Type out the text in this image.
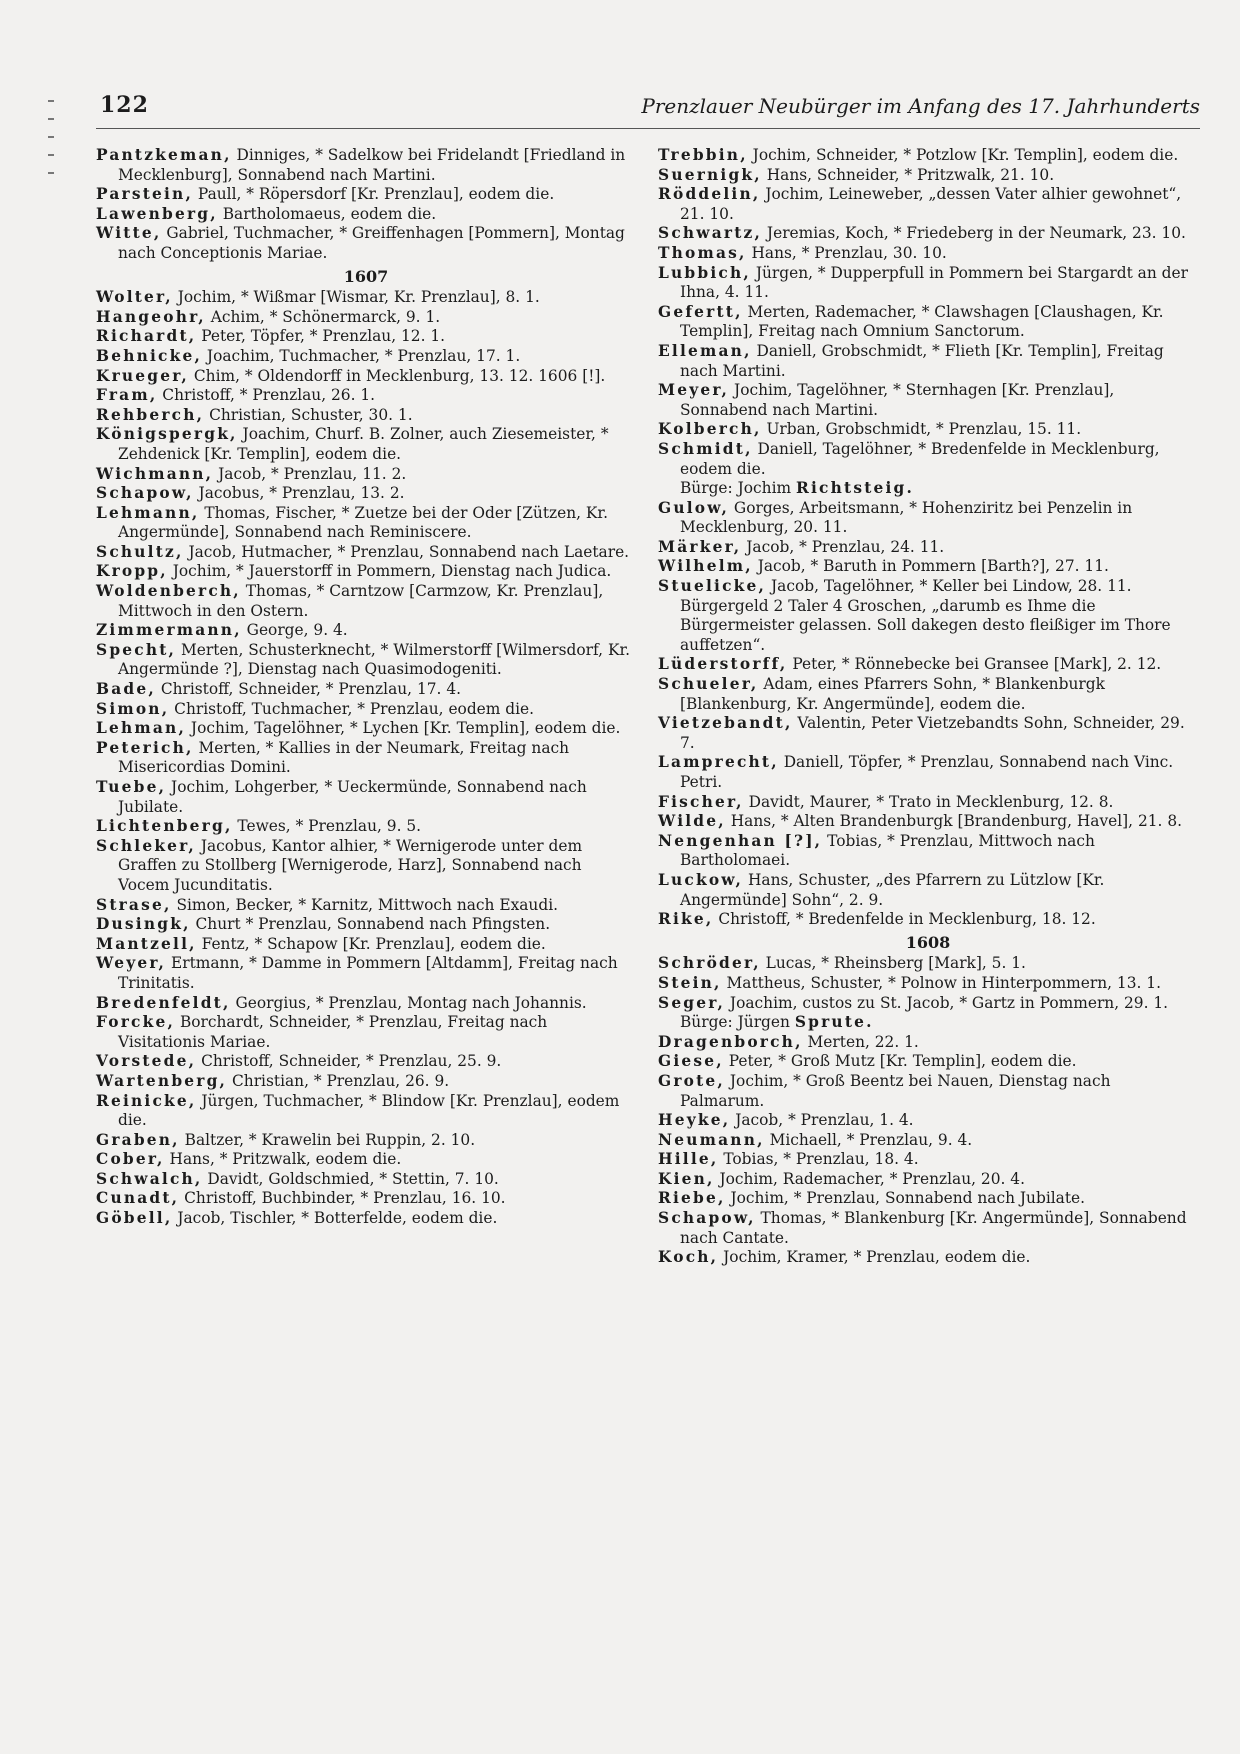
122	Prenzlauer Neubürger im Anfang des 17. Jahrhunderts

Pantzkeman, Dinniges, * Sadelkow bei Fridelandt [Friedland in Mecklenburg], Sonnabend nach Martini.

Parstein, Paull, * Röpersdorf [Kr. Prenzlau], eodem die.

Lawenberg, Bartholomaeus, eodem die.

Witte, Gabriel, Tuchmacher, * Greiffenhagen [Pommern], Montag nach Conceptionis Mariae.

1607

Wolter, Jochim, * Wißmar [Wismar, Kr. Prenzlau], 8. 1.

Hangeohr, Achim, * Schönermarck, 9. 1.

Richardt, Peter, Töpfer, * Prenzlau, 12. 1.

Behnicke, Joachim, Tuchmacher, * Prenzlau, 17. 1.

Krueger, Chim, * Oldendorff in Mecklenburg, 13. 12. 1606 [!].

Fram, Christoff, * Prenzlau, 26. 1.

Rehberch, Christian, Schuster, 30. 1.

Königspergk, Joachim, Churf. B. Zolner, auch Ziesemeister, * Zehdenick [Kr. Templin], eodem die.

Wichmann, Jacob, * Prenzlau, 11. 2.

Schapow, Jacobus, * Prenzlau, 13. 2.

Lehmann, Thomas, Fischer, * Zuetze bei der Oder [Zützen, Kr. Angermünde], Sonnabend nach Reminiscere.

Schultz, Jacob, Hutmacher, * Prenzlau, Sonnabend nach Laetare.

Kropp, Jochim, * Jauerstorff in Pommern, Dienstag nach Judica.

Woldenberch, Thomas, * Carntzow [Carmzow, Kr. Prenzlau], Mittwoch in den Ostern.

Zimmermann, George, 9. 4.

Specht, Merten, Schusterknecht, * Wilmerstorff [Wilmersdorf, Kr. Angermünde ?], Dienstag nach Quasimodogeniti.

Bade, Christoff, Schneider, * Prenzlau, 17. 4.

Simon, Christoff, Tuchmacher, * Prenzlau, eodem die.

Lehman, Jochim, Tagelöhner, * Lychen [Kr. Templin], eodem die.

Peterich, Merten, * Kallies in der Neumark, Freitag nach Misericordias Domini.

Tuebe, Jochim, Lohgerber, * Ueckermünde, Sonnabend nach Jubilate.

Lichtenberg, Tewes, * Prenzlau, 9. 5.

Schleker, Jacobus, Kantor alhier, * Wernigerode unter dem Graffen zu Stollberg [Wernigerode, Harz], Sonnabend nach Vocem Jucunditatis.

Strase, Simon, Becker, * Karnitz, Mittwoch nach Exaudi.

Dusingk, Churt * Prenzlau, Sonnabend nach Pfingsten.

Mantzell, Fentz, * Schapow [Kr. Prenzlau], eodem die.

Weyer, Ertmann, * Damme in Pommern [Altdamm], Freitag nach Trinitatis.

Bredenfeldt, Georgius, * Prenzlau, Montag nach Johannis.

Forcke, Borchardt, Schneider, * Prenzlau, Freitag nach Visitationis Mariae.

Vorstede, Christoff, Schneider, * Prenzlau, 25. 9.

Wartenberg, Christian, * Prenzlau, 26. 9.

Reinicke, Jürgen, Tuchmacher, * Blindow [Kr. Prenzlau], eodem die.

Graben, Baltzer, * Krawelin bei Ruppin, 2. 10.

Cober, Hans, * Pritzwalk, eodem die.

Schwalch, Davidt, Goldschmied, * Stettin, 7. 10.

Cunadt, Christoff, Buchbinder, * Prenzlau, 16. 10.

Göbell, Jacob, Tischler, * Botterfelde, eodem die.

Trebbin, Jochim, Schneider, * Potzlow [Kr. Templin], eodem die.

Suernigk, Hans, Schneider, * Pritzwalk, 21. 10.

Röddelin, Jochim, Leineweber, „dessen Vater alhier gewohnet“, 21. 10.

Schwartz, Jeremias, Koch, * Friedeberg in der Neumark, 23. 10.

Thomas, Hans, * Prenzlau, 30. 10.

Lubbich, Jürgen, * Dupperpfull in Pommern bei Stargardt an der Ihna, 4. 11.

Gefertt, Merten, Rademacher, * Clawshagen [Claushagen, Kr. Templin], Freitag nach Omnium Sanctorum.

Elleman, Daniell, Grobschmidt, * Flieth [Kr. Templin], Freitag nach Martini.

Meyer, Jochim, Tagelöhner, * Sternhagen [Kr. Prenzlau], Sonnabend nach Martini.

Kolberch, Urban, Grobschmidt, * Prenzlau, 15. 11.

Schmidt, Daniell, Tagelöhner, * Bredenfelde in Mecklenburg, eodem die.

Bürge: Jochim Richtsteig.

Gulow, Gorges, Arbeitsmann, * Hohenziritz bei Penzelin in Mecklenburg, 20. 11.

Märker, Jacob, * Prenzlau, 24. 11.

Wilhelm, Jacob, * Baruth in Pommern [Barth?], 27. 11.

Stuelicke, Jacob, Tagelöhner, * Keller bei Lindow, 28. 11. Bürgergeld 2 Taler 4 Groschen, „darumb es Ihme die Bürgermeister gelassen. Soll dakegen desto fleißiger im Thore auffetzen“.

Lüderstorff, Peter, * Rönnebecke bei Gransee [Mark], 2. 12.

Schueler, Adam, eines Pfarrers Sohn, * Blankenburgk [Blankenburg, Kr. Angermünde], eodem die.

Vietzebandt, Valentin, Peter Vietzebandts Sohn, Schneider, 29. 7.

Lamprecht, Daniell, Töpfer, * Prenzlau, Sonnabend nach Vinc. Petri.

Fischer, Davidt, Maurer, * Trato in Mecklenburg, 12. 8.

Wilde, Hans, * Alten Brandenburgk [Brandenburg, Havel], 21. 8.

Nengenhan [?], Tobias, * Prenzlau, Mittwoch nach Bartholomaei.

Luckow, Hans, Schuster, „des Pfarrern zu Lützlow [Kr. Angermünde] Sohn“, 2. 9.

Rike, Christoff, * Bredenfelde in Mecklenburg, 18. 12.

1608

Schröder, Lucas, * Rheinsberg [Mark], 5. 1.

Stein, Mattheus, Schuster, * Polnow in Hinterpommern, 13. 1.

Seger, Joachim, custos zu St. Jacob, * Gartz in Pommern, 29. 1.

Bürge: Jürgen Sprute.

Dragenborch, Merten, 22. 1.

Giese, Peter, * Groß Mutz [Kr. Templin], eodem die.

Grote, Jochim, * Groß Beentz bei Nauen, Dienstag nach Palmarum.

Heyke, Jacob, * Prenzlau, 1. 4.

Neumann, Michaell, * Prenzlau, 9. 4.

Hille, Tobias, * Prenzlau, 18. 4.

Kien, Jochim, Rademacher, * Prenzlau, 20. 4.

Riebe, Jochim, * Prenzlau, Sonnabend nach Jubilate.

Schapow, Thomas, * Blankenburg [Kr. Angermünde], Sonnabend nach Cantate.

Koch, Jochim, Kramer, * Prenzlau, eodem die.
